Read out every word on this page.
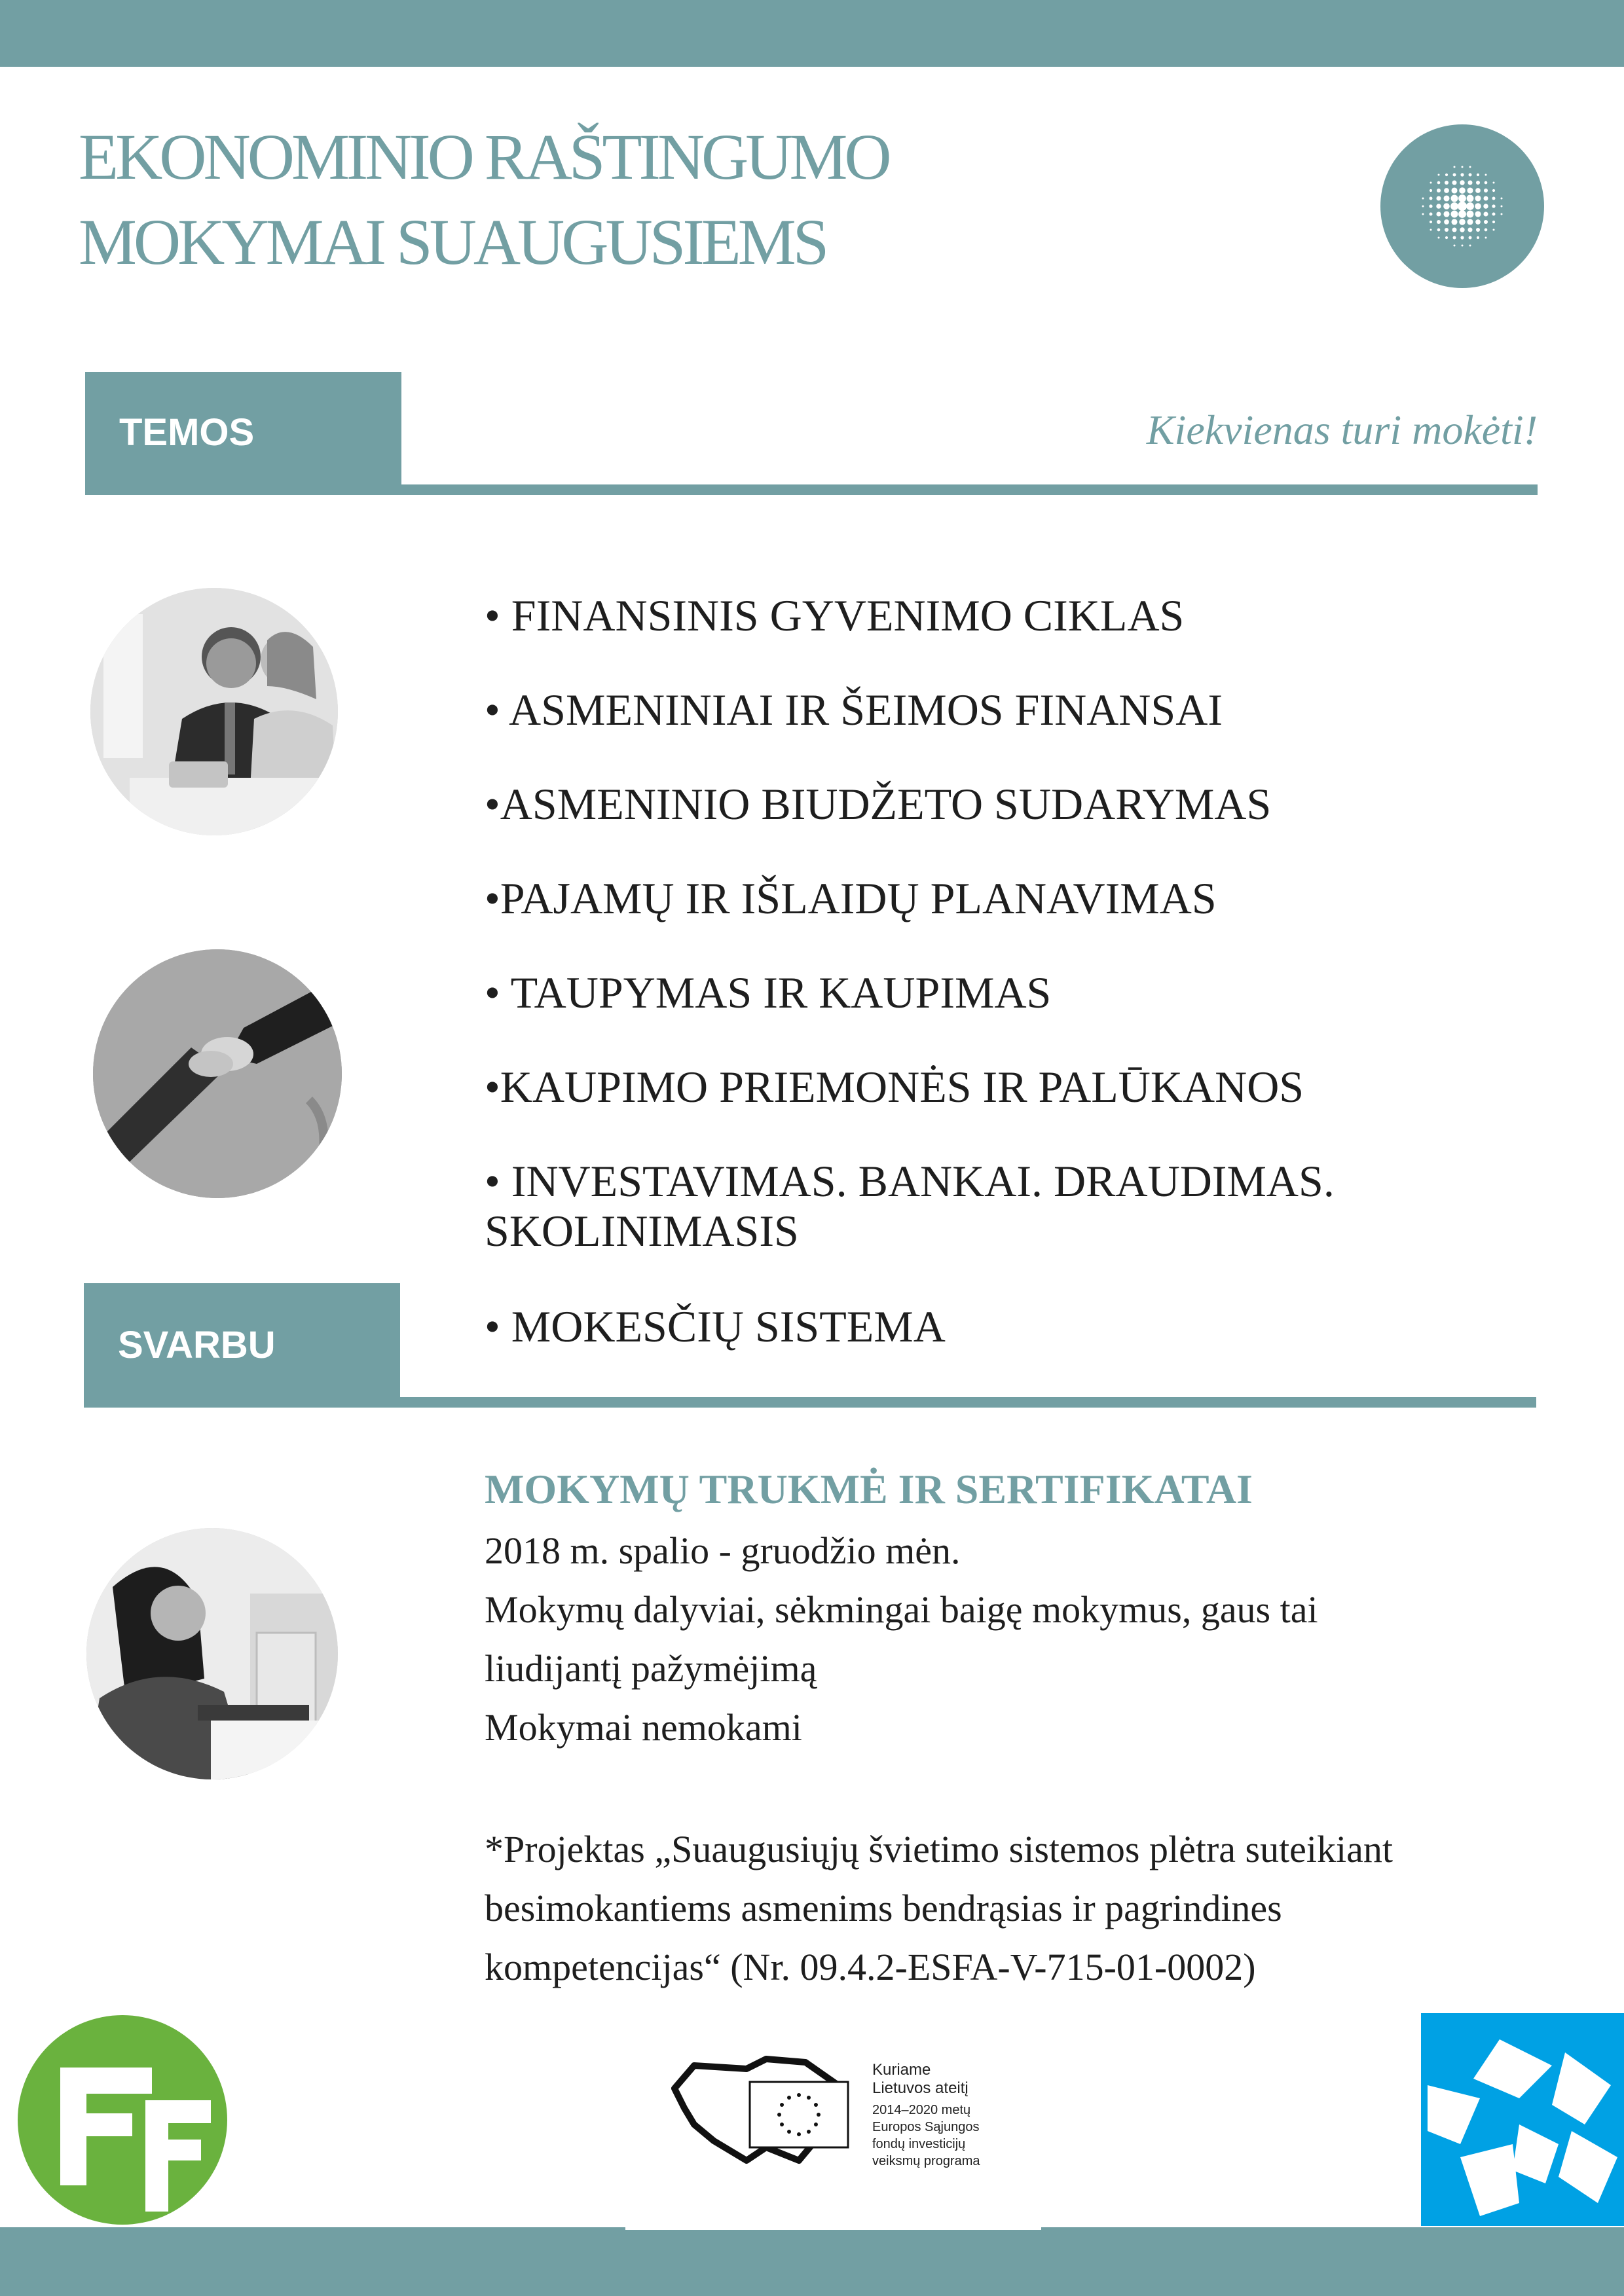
EKONOMINIO RAŠTINGUMO
MOKYMAI SUAUGUSIEMS
TEMOS	Kiekvienas turi mokėti!
• FINANSINIS GYVENIMO CIKLAS
• ASMENINIAI IR ŠEIMOS FINANSAI
•ASMENINIO BIUDŽETO SUDARYMAS
•PAJAMŲ IR IŠLAIDŲ PLANAVIMAS
• TAUPYMAS IR KAUPIMAS
•KAUPIMO PRIEMONĖS IR PALŪKANOS
• INVESTAVIMAS. BANKAI. DRAUDIMAS.
SKOLINIMASIS
SVARBU	• MOKESČIŲ SISTEMA
MOKYMŲ TRUKMĖ IR SERTIFIKATAI
2018 m. spalio - gruodžio mėn.
Mokymų dalyviai, sėkmingai baigę mokymus, gaus tai
liudijantį pažymėjimą
Mokymai nemokami
*Projektas „Suaugusiųjų švietimo sistemos plėtra suteikiant
besimokantiems asmenims bendrąsias ir pagrindines
kompetencijas“ (Nr. 09.4.2-ESFA-V-715-01-0002)
Kuriame
Lietuvos ateitį
2014–2020 metų
Europos Sąjungos
fondų investicijų
veiksmų programa
